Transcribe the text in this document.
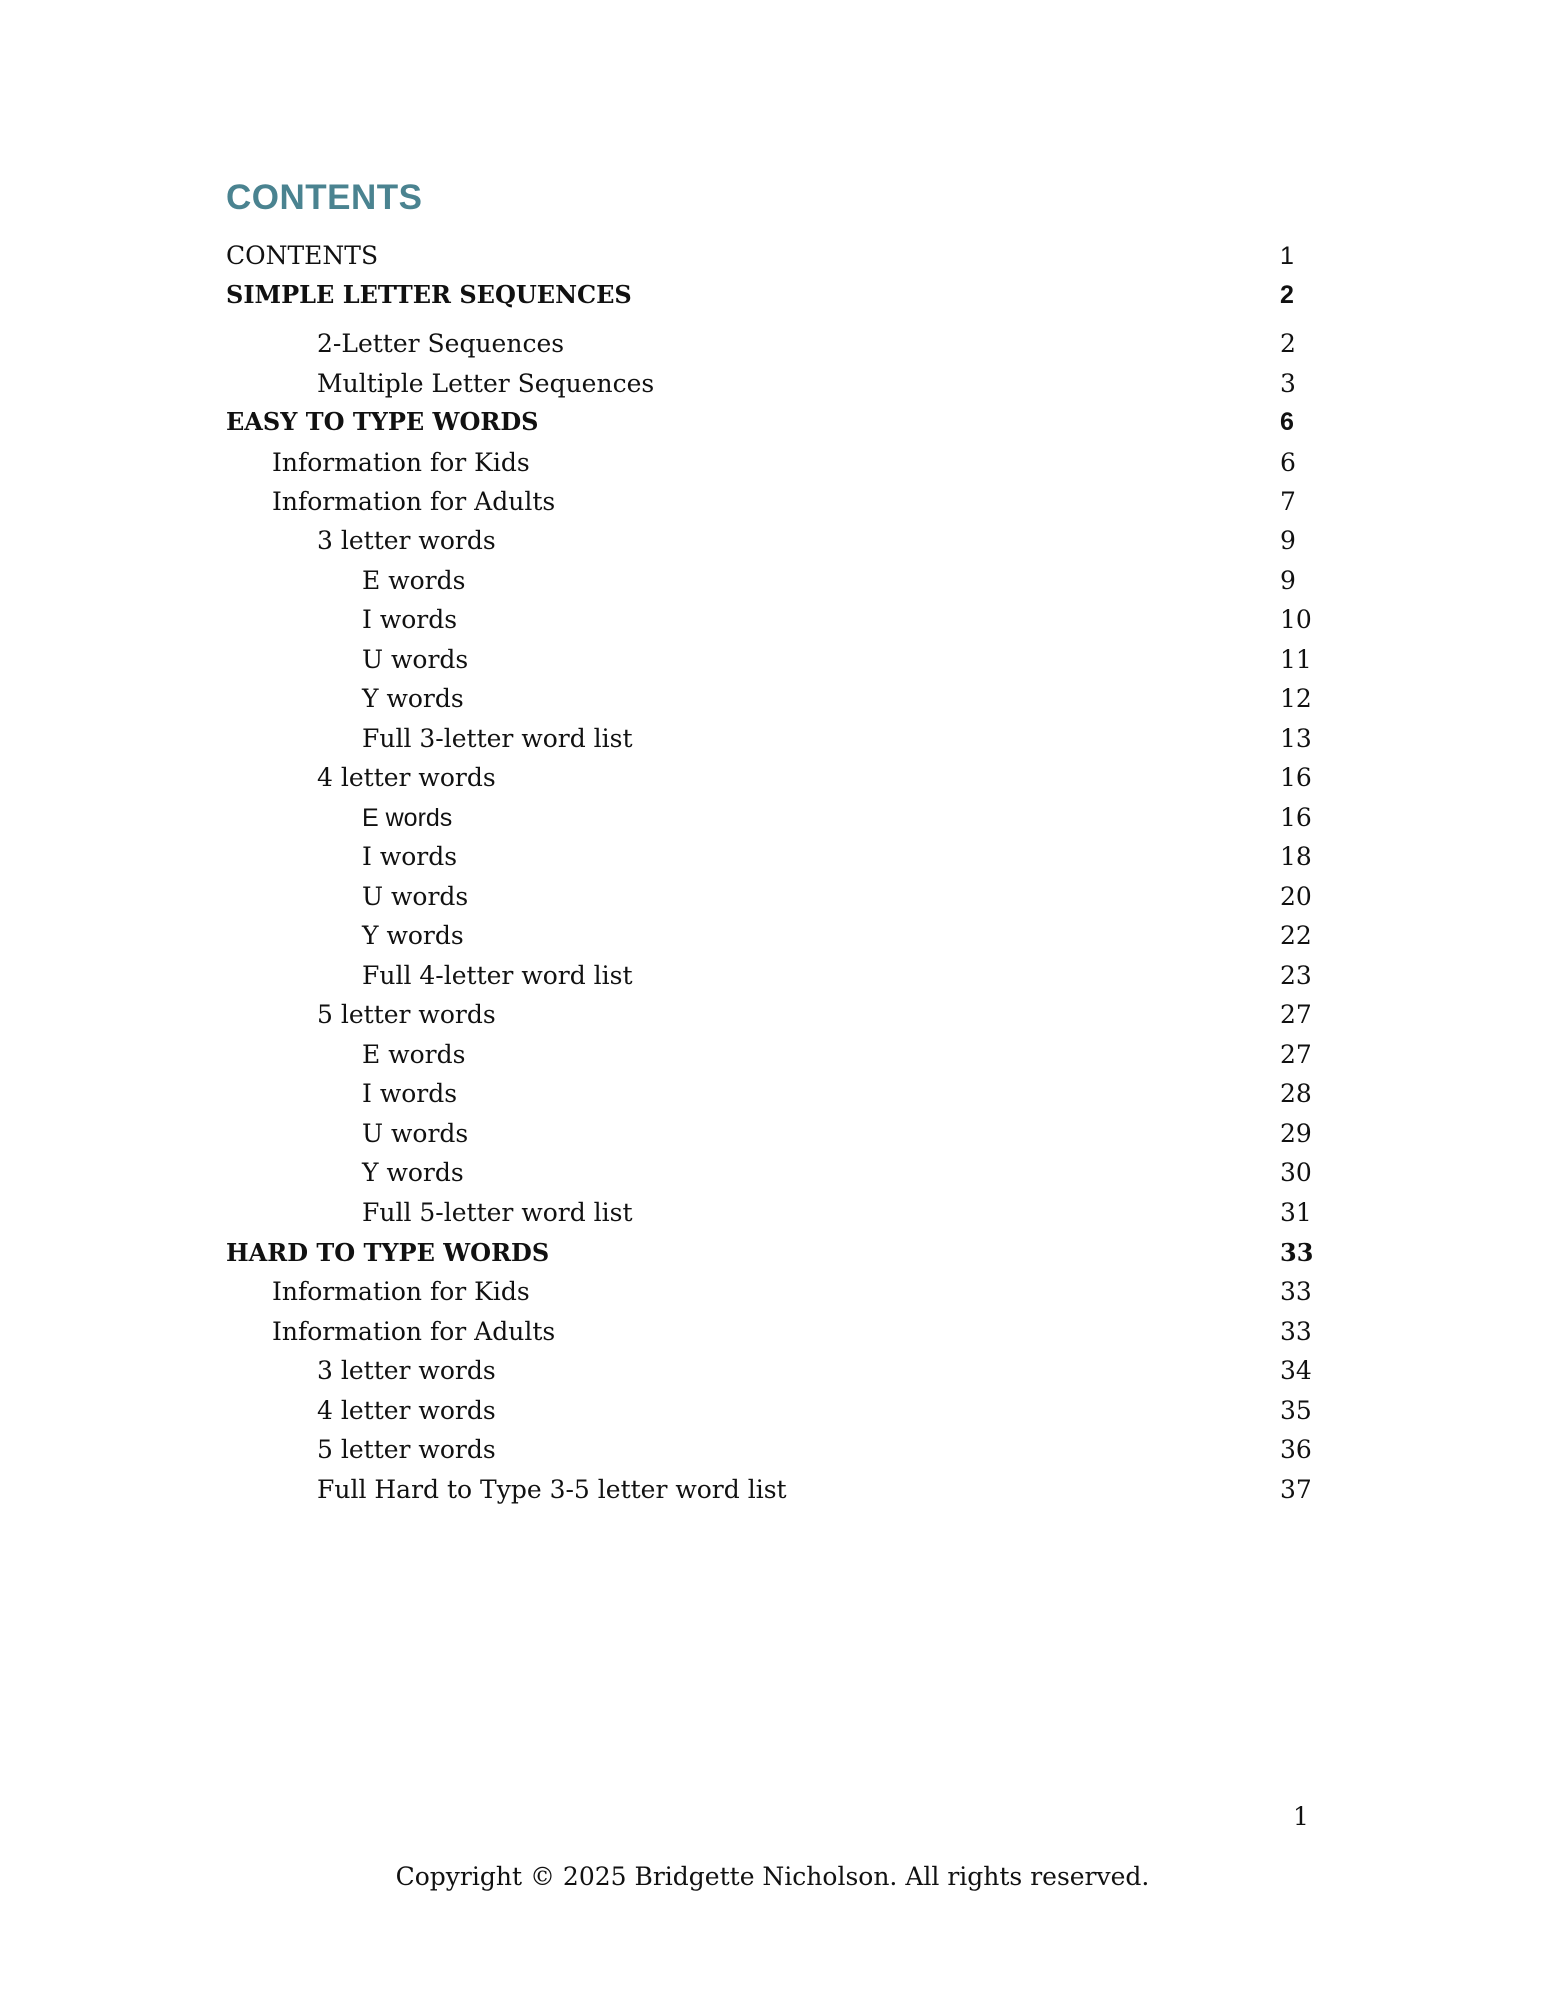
CONTENTS
CONTENTS	1
SIMPLE LETTER SEQUENCES	2
2-Letter Sequences	2
Multiple Letter Sequences	3
EASY TO TYPE WORDS	6
Information for Kids	6
Information for Adults	7
3 letter words	9
E words	9
I words	10
U words	11
Y words	12
Full 3-letter word list	13
4 letter words	16
E words	16
I words	18
U words	20
Y words	22
Full 4-letter word list	23
5 letter words	27
E words	27
I words	28
U words	29
Y words	30
Full 5-letter word list	31
HARD TO TYPE WORDS	33
Information for Kids	33
Information for Adults	33
3 letter words	34
4 letter words	35
5 letter words	36
Full Hard to Type 3-5 letter word list	37
1
Copyright © 2025 Bridgette Nicholson. All rights reserved.
